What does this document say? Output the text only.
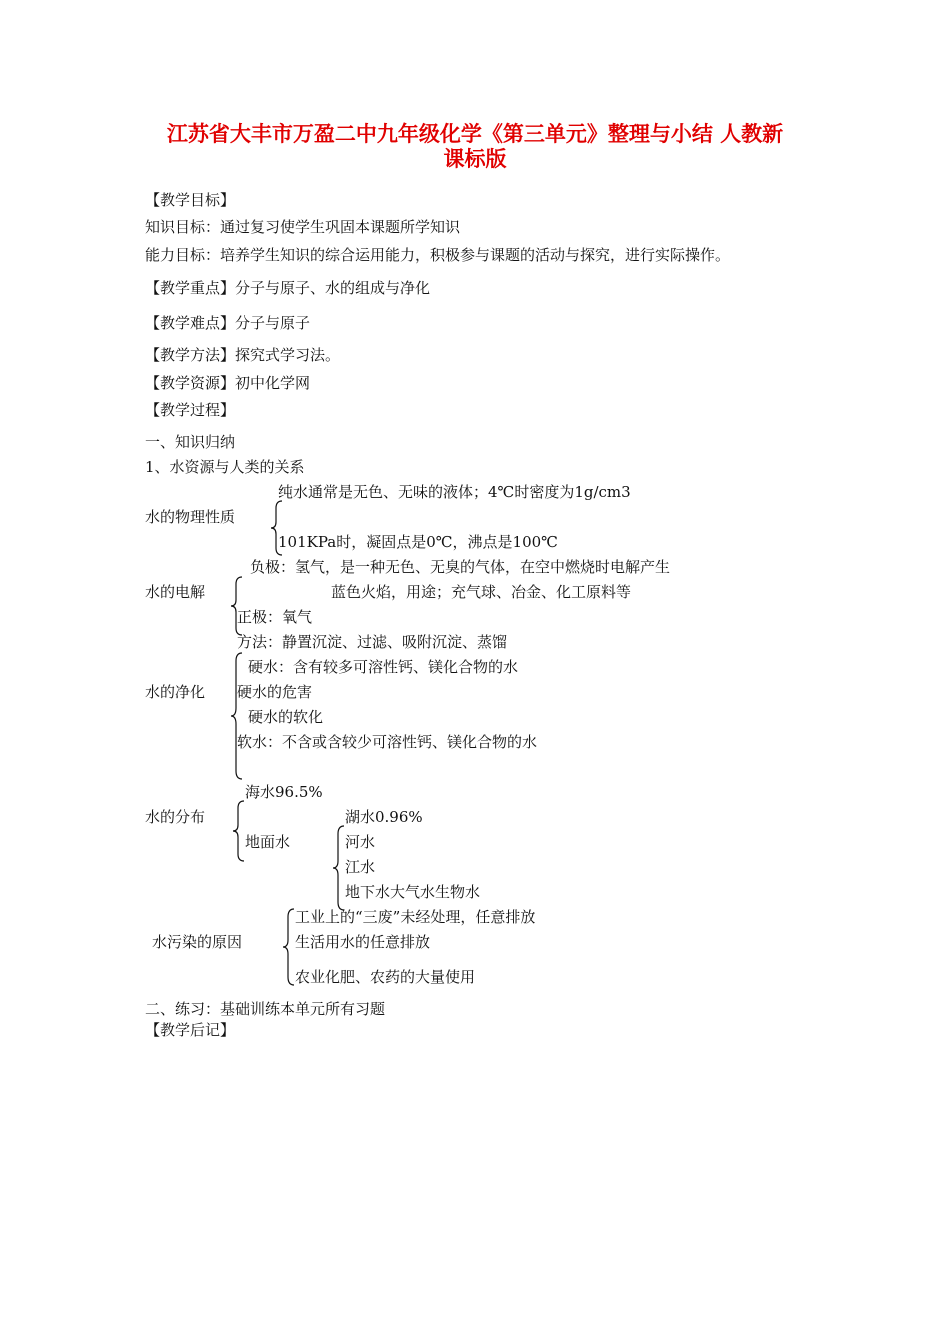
江苏省大丰市万盈二中九年级化学《第三单元》整理与小结 人教新
课标版
【教学目标】
知识目标：通过复习使学生巩固本课题所学知识
能力目标：培养学生知识的综合运用能力，积极参与课题的活动与探究，进行实际操作。
【教学重点】分子与原子、水的组成与净化
【教学难点】分子与原子
【教学方法】探究式学习法。
【教学资源】初中化学网
【教学过程】
一、知识归纳
1、水资源与人类的关系
纯水通常是无色、无味的液体；4℃时密度为1g/cm3
水的物理性质
101KPa时，凝固点是0℃，沸点是100℃
负极：氢气，是一种无色、无臭的气体，在空中燃烧时电解产生
水的电解	蓝色火焰，用途；充气球、冶金、化工原料等
正极：氧气
方法：静置沉淀、过滤、吸附沉淀、蒸馏
硬水：含有较多可溶性钙、镁化合物的水
水的净化 硬水的危害
硬水的软化
软水：不含或含较少可溶性钙、镁化合物的水
海水96.5%
水的分布	湖水0.96%
地面水	河水
江水
地下水大气水生物水
工业上的“三废”未经处理，任意排放
水污染的原因	生活用水的任意排放
农业化肥、农药的大量使用
二、练习：基础训练本单元所有习题
【教学后记】
